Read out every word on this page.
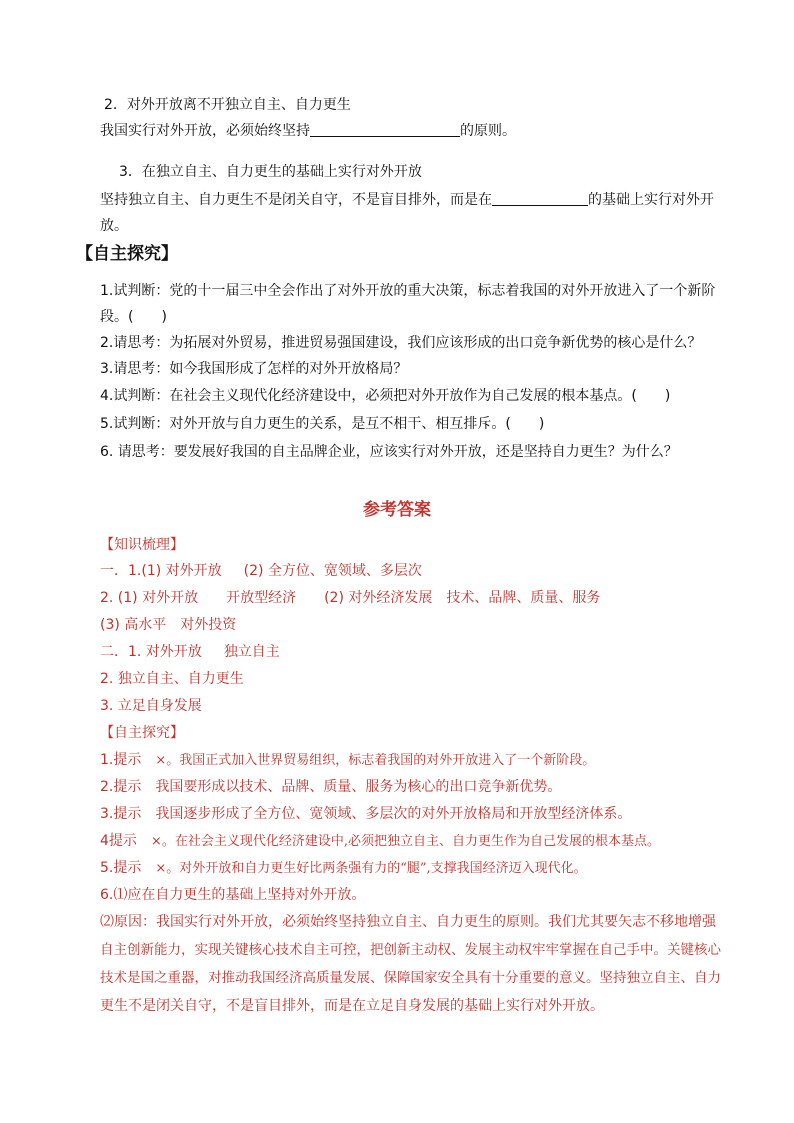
2．对外开放离不开独立自主、自力更生
我国实行对外开放，必须始终坚持	的原则。
3．在独立自主、自力更生的基础上实行对外开放
坚持独立自主、自力更生不是闭关自守，不是盲目排外，而是在	的基础上实行对外开
放。
【自主探究】
1.试判断：党的十一届三中全会作出了对外开放的重大决策，标志着我国的对外开放进入了一个新阶
段。(　　)
2.请思考：为拓展对外贸易，推进贸易强国建设，我们应该形成的出口竞争新优势的核心是什么？
3.请思考：如今我国形成了怎样的对外开放格局？
4.试判断：在社会主义现代化经济建设中，必须把对外开放作为自己发展的根本基点。(　　)
5.试判断：对外开放与自力更生的关系，是互不相干、相互排斥。(　　)
6. 请思考：要发展好我国的自主品牌企业，应该实行对外开放，还是坚持自力更生？为什么？
参考答案
【知识梳理】
一．1.(1) 对外开放 (2) 全方位、宽领域、多层次
2. (1) 对外开放 开放型经济 (2) 对外经济发展 技术、品牌、质量、服务
(3) 高水平 对外投资
二．1. 对外开放 独立自主
2. 独立自主、自力更生
3. 立足自身发展
【自主探究】
1.提示 ×。我国正式加入世界贸易组织，标志着我国的对外开放进入了一个新阶段。
2.提示 我国要形成以技术、品牌、质量、服务为核心的出口竞争新优势。
3.提示 我国逐步形成了全方位、宽领域、多层次的对外开放格局和开放型经济体系。
4提示 ×。在社会主义现代化经济建设中,必须把独立自主、自力更生作为自己发展的根本基点。
5.提示 ×。对外开放和自力更生好比两条强有力的“腿”,支撑我国经济迈入现代化。
6.⑴应在自力更生的基础上坚持对外开放。
⑵原因：我国实行对外开放，必须始终坚持独立自主、自力更生的原则。我们尤其要矢志不移地增强
自主创新能力，实现关键核心技术自主可控，把创新主动权、发展主动权牢牢掌握在自己手中。关键核心
技术是国之重器，对推动我国经济高质量发展、保障国家安全具有十分重要的意义。坚持独立自主、自力
更生不是闭关自守，不是盲目排外，而是在立足自身发展的基础上实行对外开放。
